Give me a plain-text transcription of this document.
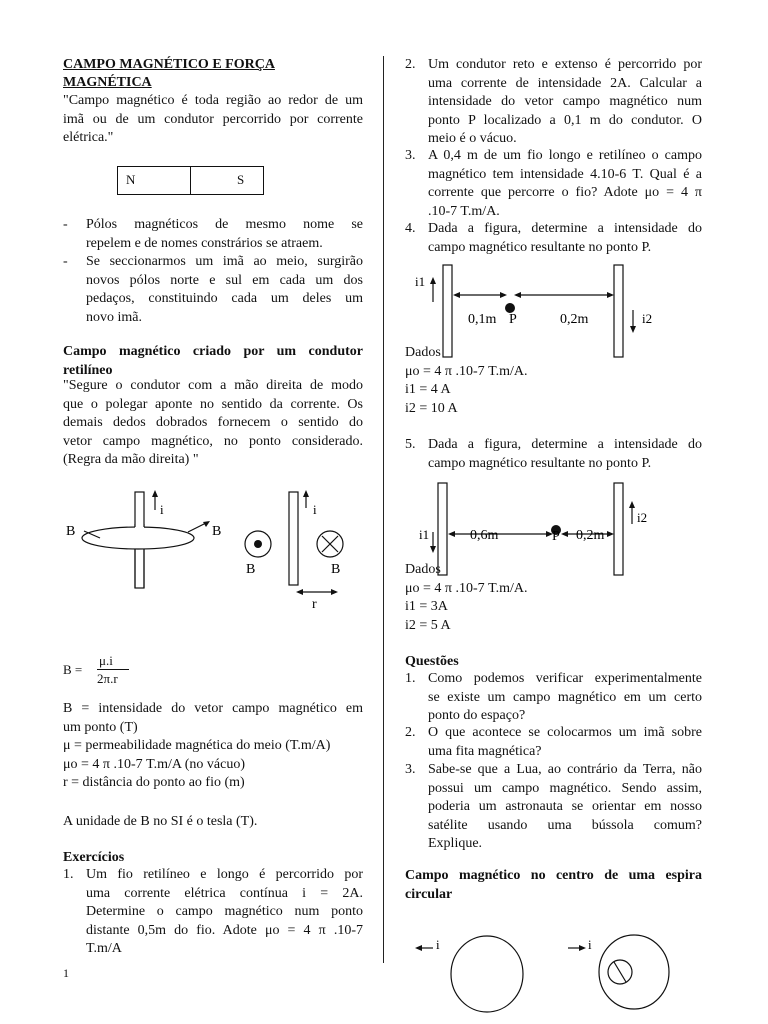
CAMPO MAGNÉTICO E FORÇA
MAGNÉTICA
"Campo magnético é toda região ao redor de um
imã ou de um condutor percorrido por corrente
elétrica."
N	S
- Pólos magnéticos de mesmo nome se
repelem e de nomes constrários se atraem.
- Se seccionarmos um imã ao meio, surgirão
novos pólos norte e sul em cada um dos
pedaços, constituindo cada um deles um
novo imã.
Campo magnético criado por um condutor
retilíneo
"Segure o condutor com a mão direita de modo
que o polegar aponte no sentido da corrente. Os
demais dedos dobrados fornecem o sentido do
vetor campo magnético, no ponto considerado.
(Regra da mão direita) "
i
B	B
B
i
B
r
B =
μ.i
2π.r
B = intensidade do vetor campo magnético em
um ponto (T)
μ = permeabilidade magnética do meio (T.m/A)
μo = 4 π .10-7 T.m/A (no vácuo)
r = distância do ponto ao fio (m)
A unidade de B no SI é o tesla (T).
Exercícios
1. Um fio retilíneo e longo é percorrido por
uma corrente elétrica contínua i = 2A.
Determine o campo magnético num ponto
distante 0,5m do fio. Adote μo = 4 π .10-7
T.m/A
1
2. Um condutor reto e extenso é percorrido por
uma corrente de intensidade 2A. Calcular a
intensidade do vetor campo magnético num
ponto P localizado a 0,1 m do condutor. O
meio é o vácuo.
3. A 0,4 m de um fio longo e retilíneo o campo
magnético tem intensidade 4.10-6 T. Qual é a
corrente que percorre o fio? Adote μo = 4 π
.10-7 T.m/A.
4. Dada a figura, determine a intensidade do
campo magnético resultante no ponto P.
i1
i2
0,1m P	0,2m
Dados
μo = 4 π .10-7 T.m/A.
i1 = 4 A
i2 = 10 A
5. Dada a figura, determine a intensidade do
campo magnético resultante no ponto P.
i1
i2
0,6m	P 0,2m
Dados
μo = 4 π .10-7 T.m/A.
i1 = 3A
i2 = 5 A
Questões
1. Como podemos verificar experimentalmente
se existe um campo magnético em um certo
ponto do espaço?
2. O que acontece se colocarmos um imã sobre
uma fita magnética?
3. Sabe-se que a Lua, ao contrário da Terra, não
possui um campo magnético. Sendo assim,
poderia um astronauta se orientar em nosso
satélite usando uma bússola comum?
Explique.
Campo magnético no centro de uma espira
circular
i	i
